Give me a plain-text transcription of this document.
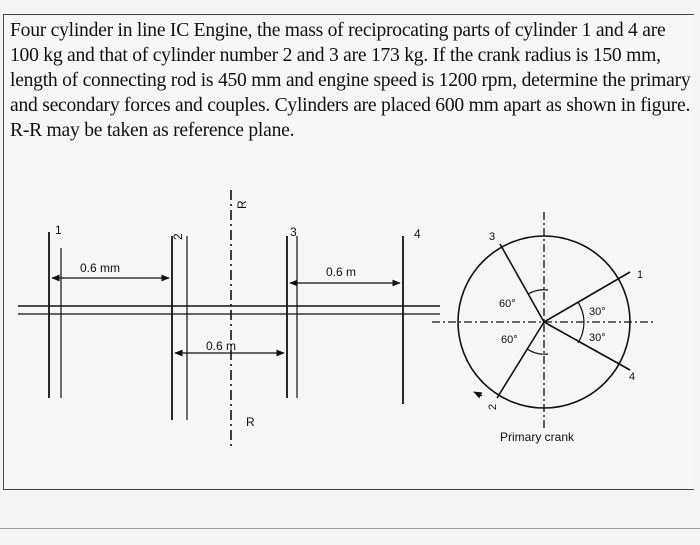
Four cylinder in line IC Engine, the mass of reciprocating parts of cylinder 1 and 4 are
100 kg and that of cylinder number 2 and 3 are 173 kg. If the crank radius is 150 mm,
length of connecting rod is 450 mm and engine speed is 1200 rpm, determine the primary
and secondary forces and couples. Cylinders are placed 600 mm apart as shown in figure.
R-R may be taken as reference plane.

1	2	3	4
R
R
0.6 mm	0.6 m
0.6 m
1
2
3
4
60°
60°
30°
30°
Primary crank
